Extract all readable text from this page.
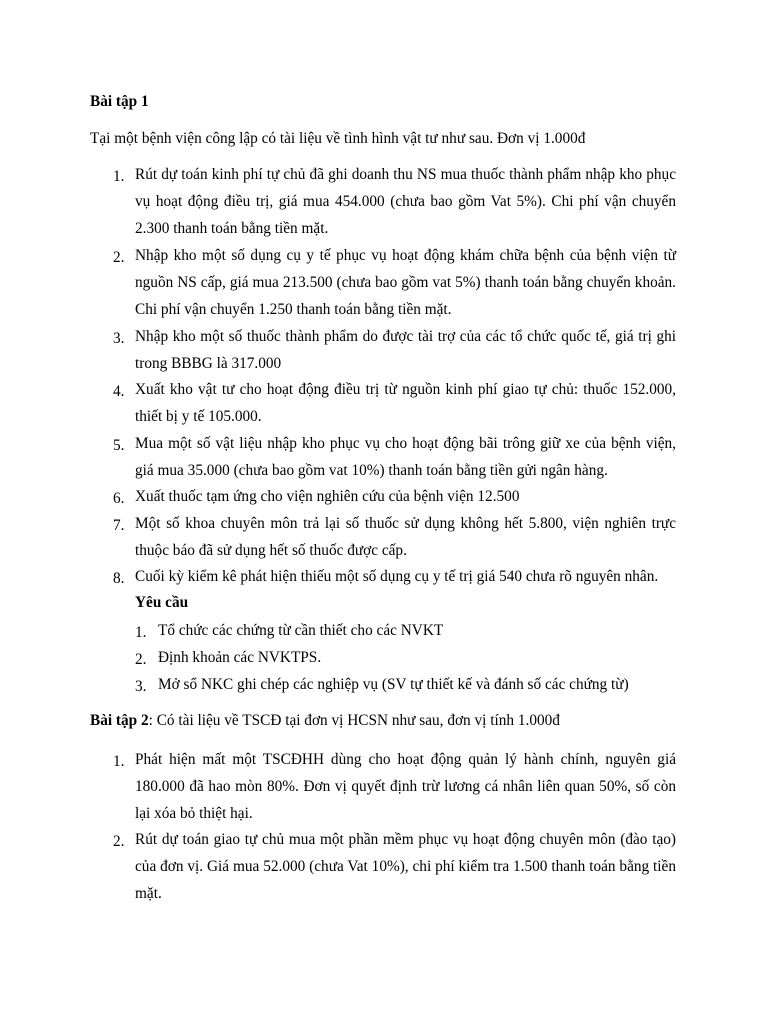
Bài tập 1
Tại một bệnh viện công lập có tài liệu về tình hình vật tư như sau. Đơn vị 1.000đ
1. Rút dự toán kinh phí tự chủ đã ghi doanh thu NS mua thuốc thành phẩm nhập kho phục vụ hoạt động điều trị, giá mua 454.000 (chưa bao gồm Vat 5%). Chi phí vận chuyển 2.300 thanh toán bằng tiền mặt.
2. Nhập kho một số dụng cụ y tế phục vụ hoạt động khám chữa bệnh của bệnh viện từ nguồn NS cấp, giá mua 213.500 (chưa bao gồm vat 5%) thanh toán bằng chuyển khoản. Chi phí vận chuyển 1.250 thanh toán bằng tiền mặt.
3. Nhập kho một số thuốc thành phẩm do được tài trợ của các tổ chức quốc tế, giá trị ghi trong BBBG là 317.000
4. Xuất kho vật tư cho hoạt động điều trị từ nguồn kinh phí giao tự chủ: thuốc 152.000, thiết bị y tế 105.000.
5. Mua một số vật liệu nhập kho phục vụ cho hoạt động bãi trông giữ xe của bệnh viện, giá mua 35.000 (chưa bao gồm vat 10%) thanh toán bằng tiền gửi ngân hàng.
6. Xuất thuốc tạm ứng cho viện nghiên cứu của bệnh viện 12.500
7. Một số khoa chuyên môn trả lại số thuốc sử dụng không hết 5.800, viện nghiên trực thuộc báo đã sử dụng hết số thuốc được cấp.
8. Cuối kỳ kiểm kê phát hiện thiếu một số dụng cụ y tế trị giá 540 chưa rõ nguyên nhân.
Yêu cầu
1. Tổ chức các chứng từ cần thiết cho các NVKT
2. Định khoản các NVKTPS.
3. Mở sổ NKC ghi chép các nghiệp vụ (SV tự thiết kế và đánh số các chứng từ)
Bài tập 2: Có tài liệu về TSCĐ tại đơn vị HCSN như sau, đơn vị tính 1.000đ
1. Phát hiện mất một TSCĐHH dùng cho hoạt động quản lý hành chính, nguyên giá 180.000 đã hao mòn 80%. Đơn vị quyết định trừ lương cá nhân liên quan 50%, số còn lại xóa bỏ thiệt hại.
2. Rút dự toán giao tự chủ mua một phần mềm phục vụ hoạt động chuyên môn (đào tạo) của đơn vị. Giá mua 52.000 (chưa Vat 10%), chi phí kiểm tra 1.500 thanh toán bằng tiền mặt.
